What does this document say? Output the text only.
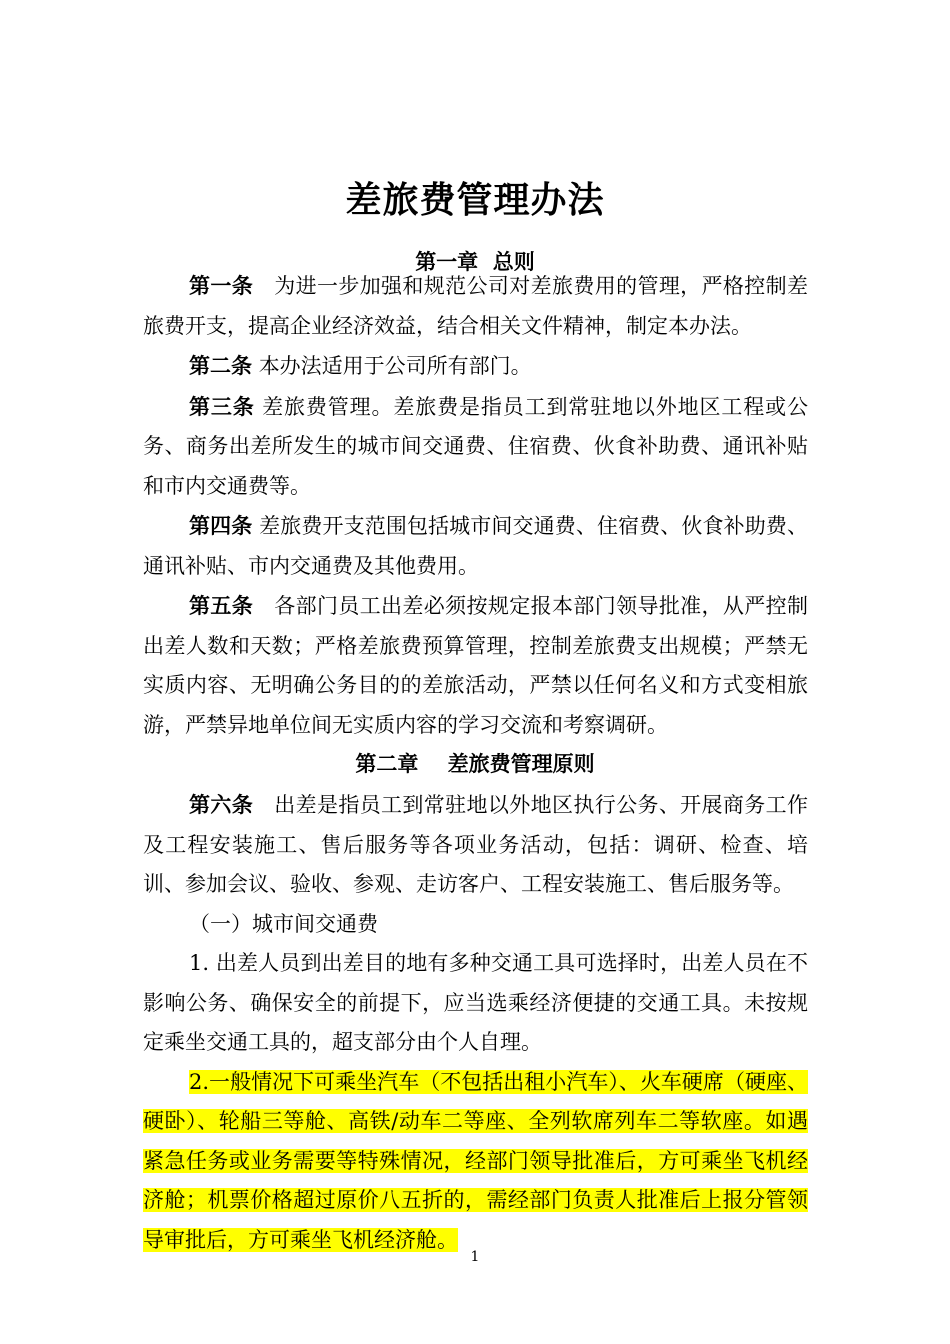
差旅费管理办法
第一章  总则

第一条 为进一步加强和规范公司对差旅费用的管理，严格控制差旅费开支，提高企业经济效益，结合相关文件精神，制定本办法。

第二条 本办法适用于公司所有部门。

第三条 差旅费管理。差旅费是指员工到常驻地以外地区工程或公务、商务出差所发生的城市间交通费、住宿费、伙食补助费、通讯补贴和市内交通费等。

第四条 差旅费开支范围包括城市间交通费、住宿费、伙食补助费、通讯补贴、市内交通费及其他费用。

第五条 各部门员工出差必须按规定报本部门领导批准，从严控制出差人数和天数；严格差旅费预算管理，控制差旅费支出规模；严禁无实质内容、无明确公务目的的差旅活动，严禁以任何名义和方式变相旅游，严禁异地单位间无实质内容的学习交流和考察调研。

第二章    差旅费管理原则

第六条 出差是指员工到常驻地以外地区执行公务、开展商务工作及工程安装施工、售后服务等各项业务活动，包括：调研、检查、培训、参加会议、验收、参观、走访客户、工程安装施工、售后服务等。

（一）城市间交通费

1. 出差人员到出差目的地有多种交通工具可选择时，出差人员在不影响公务、确保安全的前提下，应当选乘经济便捷的交通工具。未按规定乘坐交通工具的，超支部分由个人自理。

2.一般情况下可乘坐汽车（不包括出租小汽车）、火车硬席（硬座、硬卧）、轮船三等舱、高铁/动车二等座、全列软席列车二等软座。如遇紧急任务或业务需要等特殊情况，经部门领导批准后，方可乘坐飞机经济舱；机票价格超过原价八五折的，需经部门负责人批准后上报分管领导审批后，方可乘坐飞机经济舱。

1
